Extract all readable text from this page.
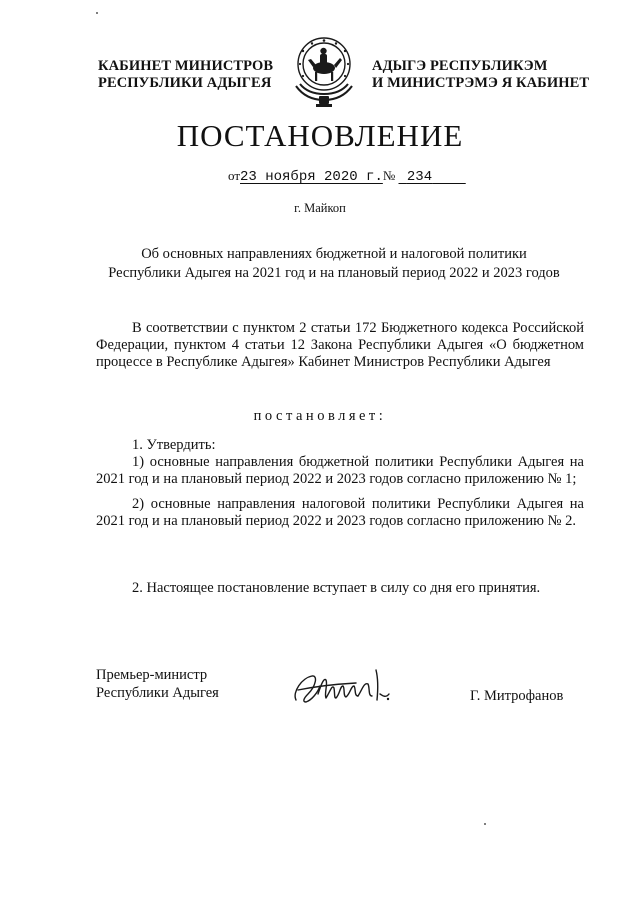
КАБИНЕТ МИНИСТРОВ
РЕСПУБЛИКИ АДЫГЕЯ
АДЫГЭ РЕСПУБЛИКЭМ
И МИНИСТРЭМЭ Я КАБИНЕТ
ПОСТАНОВЛЕНИЕ
от23 ноября 2020 г.№ 234
г. Майкоп
Об основных направлениях бюджетной и налоговой политики
Республики Адыгея на 2021 год и на плановый период 2022 и 2023 годов
В соответствии с пунктом 2 статьи 172 Бюджетного кодекса Российской Федерации, пунктом 4 статьи 12 Закона Республики Адыгея «О бюджетном процессе в Республике Адыгея» Кабинет Министров Республики Адыгея
постановляет:
1. Утвердить:
1) основные направления бюджетной политики Республики Адыгея на 2021 год и на плановый период 2022 и 2023 годов согласно приложению № 1;
2) основные направления налоговой политики Республики Адыгея на 2021 год и на плановый период 2022 и 2023 годов согласно приложению № 2.
2. Настоящее постановление вступает в силу со дня его принятия.
Премьер-министр
Республики Адыгея	Г. Митрофанов
